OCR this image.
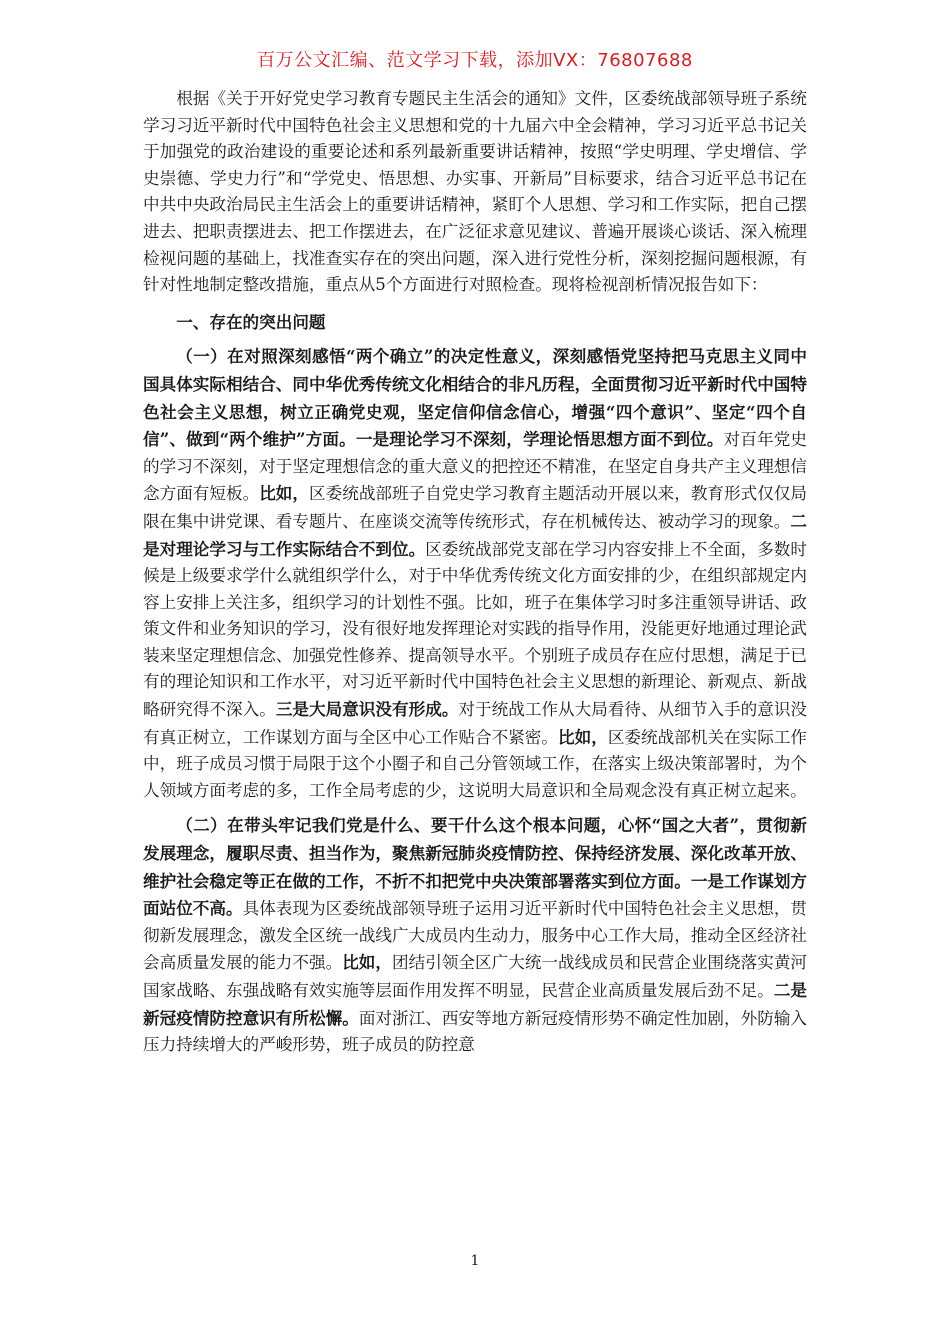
百万公文汇编、范文学习下载，添加VX：76807688

根据《关于开好党史学习教育专题民主生活会的通知》文件，区委统战部领导班子系统学习习近平新时代中国特色社会主义思想和党的十九届六中全会精神，学习习近平总书记关于加强党的政治建设的重要论述和系列最新重要讲话精神，按照“学史明理、学史增信、学史崇德、学史力行”和“学党史、悟思想、办实事、开新局”目标要求，结合习近平总书记在中共中央政治局民主生活会上的重要讲话精神，紧盯个人思想、学习和工作实际，把自己摆进去、把职责摆进去、把工作摆进去，在广泛征求意见建议、普遍开展谈心谈话、深入梳理检视问题的基础上，找准查实存在的突出问题，深入进行党性分析，深刻挖掘问题根源，有针对性地制定整改措施，重点从5个方面进行对照检查。现将检视剖析情况报告如下：

一、存在的突出问题

（一）在对照深刻感悟“两个确立”的决定性意义，深刻感悟党坚持把马克思主义同中国具体实际相结合、同中华优秀传统文化相结合的非凡历程，全面贯彻习近平新时代中国特色社会主义思想，树立正确党史观，坚定信仰信念信心，增强“四个意识”、坚定“四个自信”、做到“两个维护”方面。一是理论学习不深刻，学理论悟思想方面不到位。对百年党史的学习不深刻，对于坚定理想信念的重大意义的把控还不精准，在坚定自身共产主义理想信念方面有短板。比如，区委统战部班子自党史学习教育主题活动开展以来，教育形式仅仅局限在集中讲党课、看专题片、在座谈交流等传统形式，存在机械传达、被动学习的现象。二是对理论学习与工作实际结合不到位。区委统战部党支部在学习内容安排上不全面，多数时候是上级要求学什么就组织学什么，对于中华优秀传统文化方面安排的少，在组织部规定内容上安排上关注多，组织学习的计划性不强。比如，班子在集体学习时多注重领导讲话、政策文件和业务知识的学习，没有很好地发挥理论对实践的指导作用，没能更好地通过理论武装来坚定理想信念、加强党性修养、提高领导水平。个别班子成员存在应付思想，满足于已有的理论知识和工作水平，对习近平新时代中国特色社会主义思想的新理论、新观点、新战略研究得不深入。三是大局意识没有形成。对于统战工作从大局看待、从细节入手的意识没有真正树立，工作谋划方面与全区中心工作贴合不紧密。比如，区委统战部机关在实际工作中，班子成员习惯于局限于这个小圈子和自己分管领域工作，在落实上级决策部署时，为个人领域方面考虑的多，工作全局考虑的少，这说明大局意识和全局观念没有真正树立起来。

（二）在带头牢记我们党是什么、要干什么这个根本问题，心怀“国之大者”，贯彻新发展理念，履职尽责、担当作为，聚焦新冠肺炎疫情防控、保持经济发展、深化改革开放、维护社会稳定等正在做的工作，不折不扣把党中央决策部署落实到位方面。一是工作谋划方面站位不高。具体表现为区委统战部领导班子运用习近平新时代中国特色社会主义思想，贯彻新发展理念，激发全区统一战线广大成员内生动力，服务中心工作大局，推动全区经济社会高质量发展的能力不强。比如，团结引领全区广大统一战线成员和民营企业围绕落实黄河国家战略、东强战略有效实施等层面作用发挥不明显，民营企业高质量发展后劲不足。二是新冠疫情防控意识有所松懈。面对浙江、西安等地方新冠疫情形势不确定性加剧，外防输入压力持续增大的严峻形势，班子成员的防控意

1
